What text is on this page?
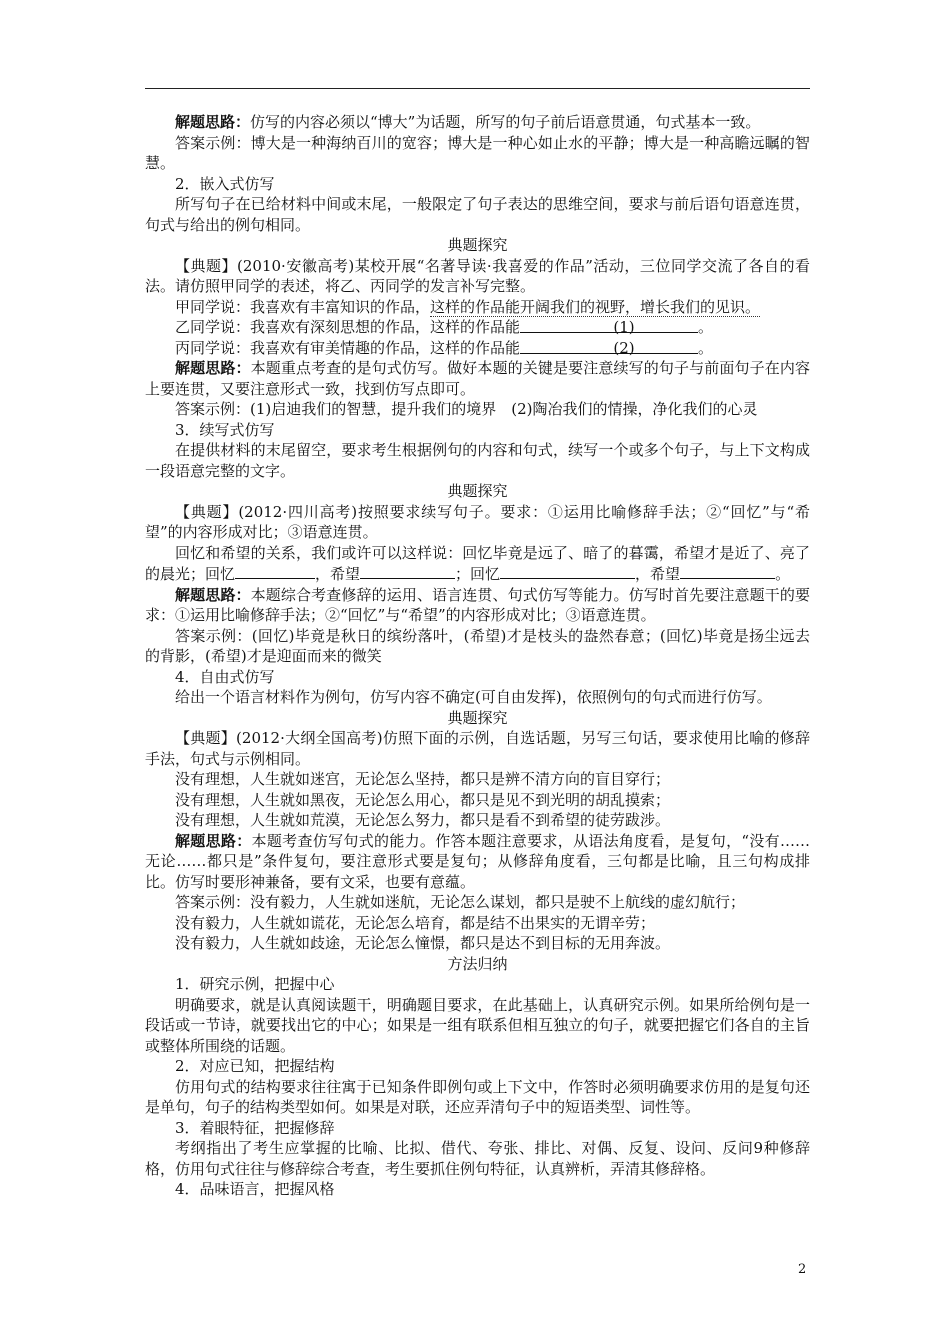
解题思路：仿写的内容必须以“博大”为话题，所写的句子前后语意贯通，句式基本一致。

答案示例：博大是一种海纳百川的宽容；博大是一种心如止水的平静；博大是一种高瞻远瞩的智慧。

2．嵌入式仿写

所写句子在已给材料中间或末尾，一般限定了句子表达的思维空间，要求与前后语句语意连贯，句式与给出的例句相同。

典题探究

【典题】(2010·安徽高考)某校开展“名著导读·我喜爱的作品”活动，三位同学交流了各自的看法。请仿照甲同学的表述，将乙、丙同学的发言补写完整。

甲同学说：我喜欢有丰富知识的作品，这样的作品能开阔我们的视野，增长我们的见识。

乙同学说：我喜欢有深刻思想的作品，这样的作品能	(1)	。

丙同学说：我喜欢有审美情趣的作品，这样的作品能	(2)	。

解题思路：本题重点考查的是句式仿写。做好本题的关键是要注意续写的句子与前面句子在内容上要连贯，又要注意形式一致，找到仿写点即可。

答案示例：(1)启迪我们的智慧，提升我们的境界　(2)陶冶我们的情操，净化我们的心灵

3．续写式仿写

在提供材料的末尾留空，要求考生根据例句的内容和句式，续写一个或多个句子，与上下文构成一段语意完整的文字。

典题探究

【典题】(2012·四川高考)按照要求续写句子。要求：①运用比喻修辞手法；②“回忆”与“希望”的内容形成对比；③语意连贯。

回忆和希望的关系，我们或许可以这样说：回忆毕竟是远了、暗了的暮霭，希望才是近了、亮了的晨光；回忆	，希望	；回忆	，希望	。

解题思路：本题综合考查修辞的运用、语言连贯、句式仿写等能力。仿写时首先要注意题干的要求：①运用比喻修辞手法；②“回忆”与“希望”的内容形成对比；③语意连贯。

答案示例：(回忆)毕竟是秋日的缤纷落叶，(希望)才是枝头的盎然春意；(回忆)毕竟是扬尘远去的背影，(希望)才是迎面而来的微笑

4．自由式仿写

给出一个语言材料作为例句，仿写内容不确定(可自由发挥)，依照例句的句式而进行仿写。

典题探究

【典题】(2012·大纲全国高考)仿照下面的示例，自选话题，另写三句话，要求使用比喻的修辞手法，句式与示例相同。

没有理想，人生就如迷宫，无论怎么坚持，都只是辨不清方向的盲目穿行；

没有理想，人生就如黑夜，无论怎么用心，都只是见不到光明的胡乱摸索；

没有理想，人生就如荒漠，无论怎么努力，都只是看不到希望的徒劳跋涉。

解题思路：本题考查仿写句式的能力。作答本题注意要求，从语法角度看，是复句，“没有……无论……都只是”条件复句，要注意形式要是复句；从修辞角度看，三句都是比喻，且三句构成排比。仿写时要形神兼备，要有文采，也要有意蕴。

答案示例：没有毅力，人生就如迷航，无论怎么谋划，都只是驶不上航线的虚幻航行；

没有毅力，人生就如谎花，无论怎么培育，都是结不出果实的无谓辛劳；

没有毅力，人生就如歧途，无论怎么憧憬，都只是达不到目标的无用奔波。

方法归纳

1．研究示例，把握中心

明确要求，就是认真阅读题干，明确题目要求，在此基础上，认真研究示例。如果所给例句是一段话或一节诗，就要找出它的中心；如果是一组有联系但相互独立的句子，就要把握它们各自的主旨或整体所围绕的话题。

2．对应已知，把握结构

仿用句式的结构要求往往寓于已知条件即例句或上下文中，作答时必须明确要求仿用的是复句还是单句，句子的结构类型如何。如果是对联，还应弄清句子中的短语类型、词性等。

3．着眼特征，把握修辞

考纲指出了考生应掌握的比喻、比拟、借代、夸张、排比、对偶、反复、设问、反问9种修辞格，仿用句式往往与修辞综合考查，考生要抓住例句特征，认真辨析，弄清其修辞格。

4．品味语言，把握风格

2
